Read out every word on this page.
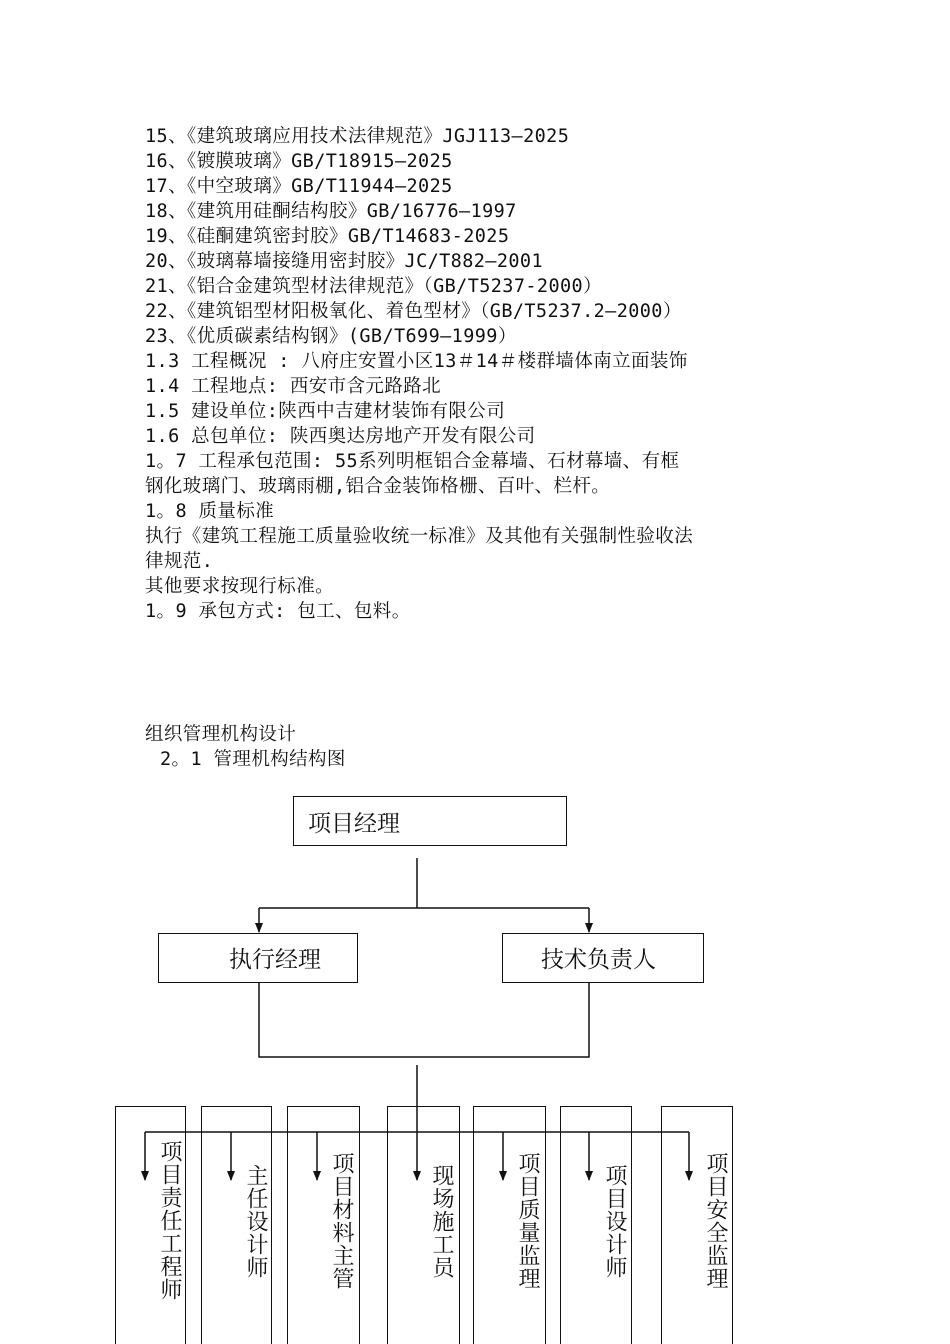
15、《建筑玻璃应用技术法律规范》JGJ113—2025
16、《镀膜玻璃》GB/T18915—2025
17、《中空玻璃》GB/T11944—2025
18、《建筑用硅酮结构胶》GB/16776—1997
19、《硅酮建筑密封胶》GB/T14683-2025
20、《玻璃幕墙接缝用密封胶》JC/T882—2001
21、《铝合金建筑型材法律规范》（GB/T5237-2000）
22、《建筑铝型材阳极氧化、着色型材》（GB/T5237.2—2000）
23、《优质碳素结构钢》(GB/T699—1999）
1.3 工程概况 : 八府庄安置小区13＃14＃楼群墙体南立面装饰
1.4 工程地点: 西安市含元路路北
1.5 建设单位:陕西中吉建材装饰有限公司
1.6 总包单位: 陕西奥达房地产开发有限公司
1。7 工程承包范围: 55系列明框铝合金幕墙、石材幕墙、有框
钢化玻璃门、玻璃雨棚,铝合金装饰格栅、百叶、栏杆。
1。8 质量标准
执行《建筑工程施工质量验收统一标准》及其他有关强制性验收法
律规范.
其他要求按现行标准。
1。9 承包方式: 包工、包料。
组织管理机构设计
2。1 管理机构结构图
项目经理
执行经理	技术负责人
项目责任工程师	主任设计师	项目材料主管	现场施工员	项目质量监理	项目设计师	项目安全监理
